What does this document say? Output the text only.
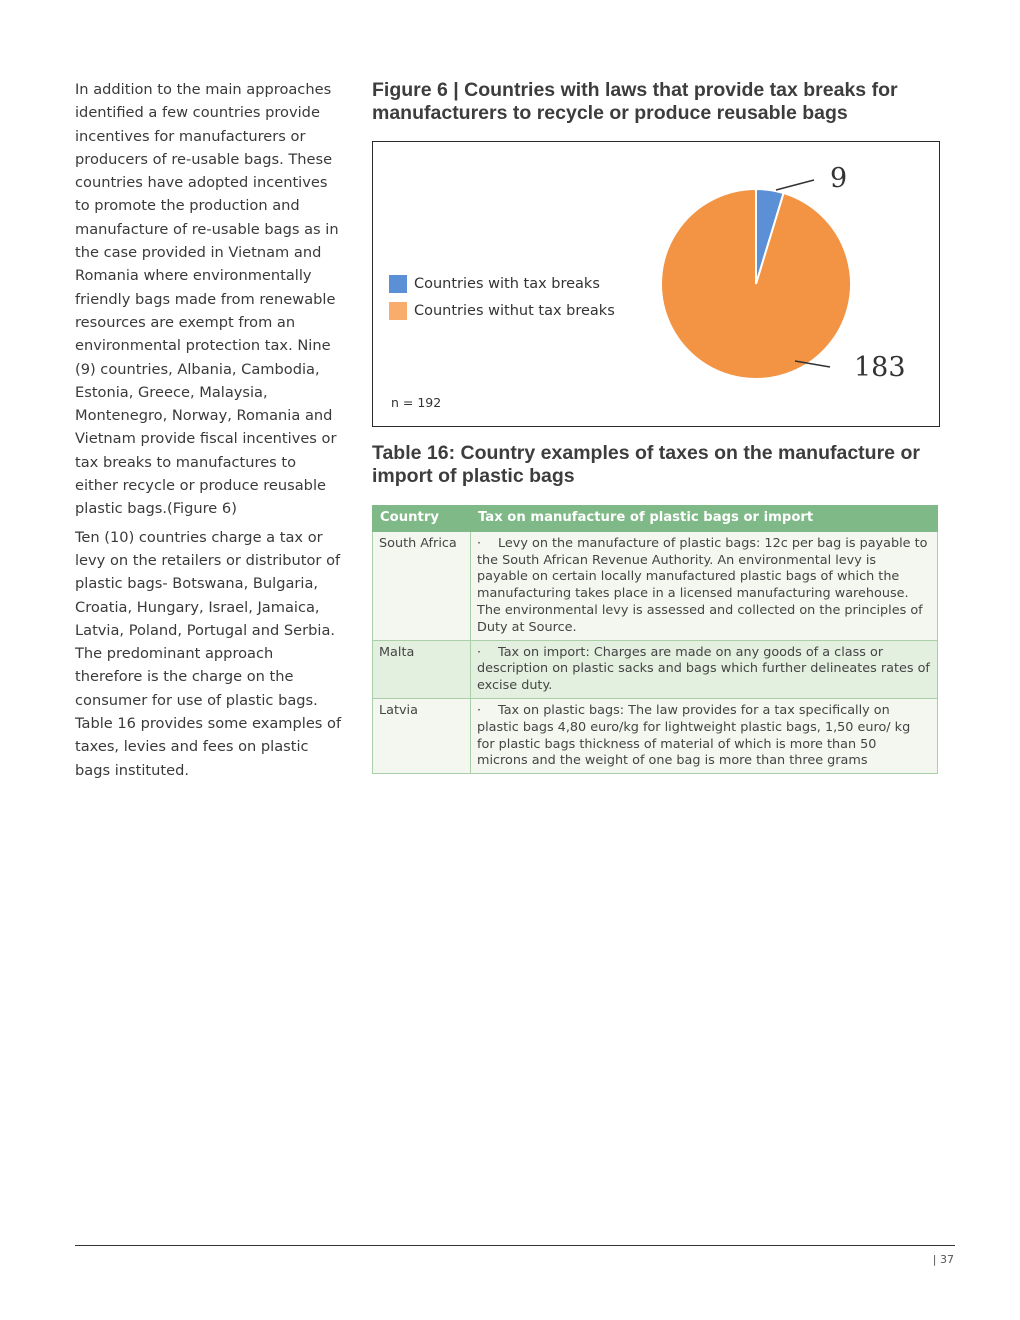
In addition to the main approaches identified a few countries provide incentives for manufacturers or producers of re-usable bags. These countries have adopted incentives to promote the production and manufacture of re-usable bags as in the case provided in Vietnam and Romania where environmentally friendly bags made from renewable resources are exempt from an environmental protection tax. Nine (9) countries, Albania, Cambodia, Estonia, Greece, Malaysia, Montenegro, Norway, Romania and Vietnam provide fiscal incentives or tax breaks to manufactures to either recycle or produce reusable plastic bags.(Figure 6)

Ten (10) countries charge a tax or levy on the retailers or distributor of plastic bags- Botswana, Bulgaria, Croatia, Hungary, Israel, Jamaica, Latvia, Poland, Portugal and Serbia. The predominant approach therefore is the charge on the consumer for use of plastic bags. Table 16 provides some examples of taxes, levies and fees on plastic bags instituted.

Figure 6 | Countries with laws that provide tax breaks for manufacturers to recycle or produce reusable bags
9
183
Countries with tax breaks
Countries withut tax breaks
n = 192
Table 16: Country examples of taxes on the manufacture or import of plastic bags
Country	Tax on manufacture of plastic bags or import
South Africa	· Levy on the manufacture of plastic bags: 12c per bag is payable to the South African Revenue Authority. An environmental levy is payable on certain locally manufactured plastic bags of which the manufacturing takes place in a licensed manufacturing warehouse. The environmental levy is assessed and collected on the principles of Duty at Source.
Malta	· Tax on import: Charges are made on any goods of a class or description on plastic sacks and bags which further delineates rates of excise duty.
Latvia	· Tax on plastic bags: The law provides for a tax specifically on plastic bags 4,80 euro/kg for lightweight plastic bags, 1,50 euro/ kg for plastic bags thickness of material of which is more than 50 microns and the weight of one bag is more than three grams
| 37
